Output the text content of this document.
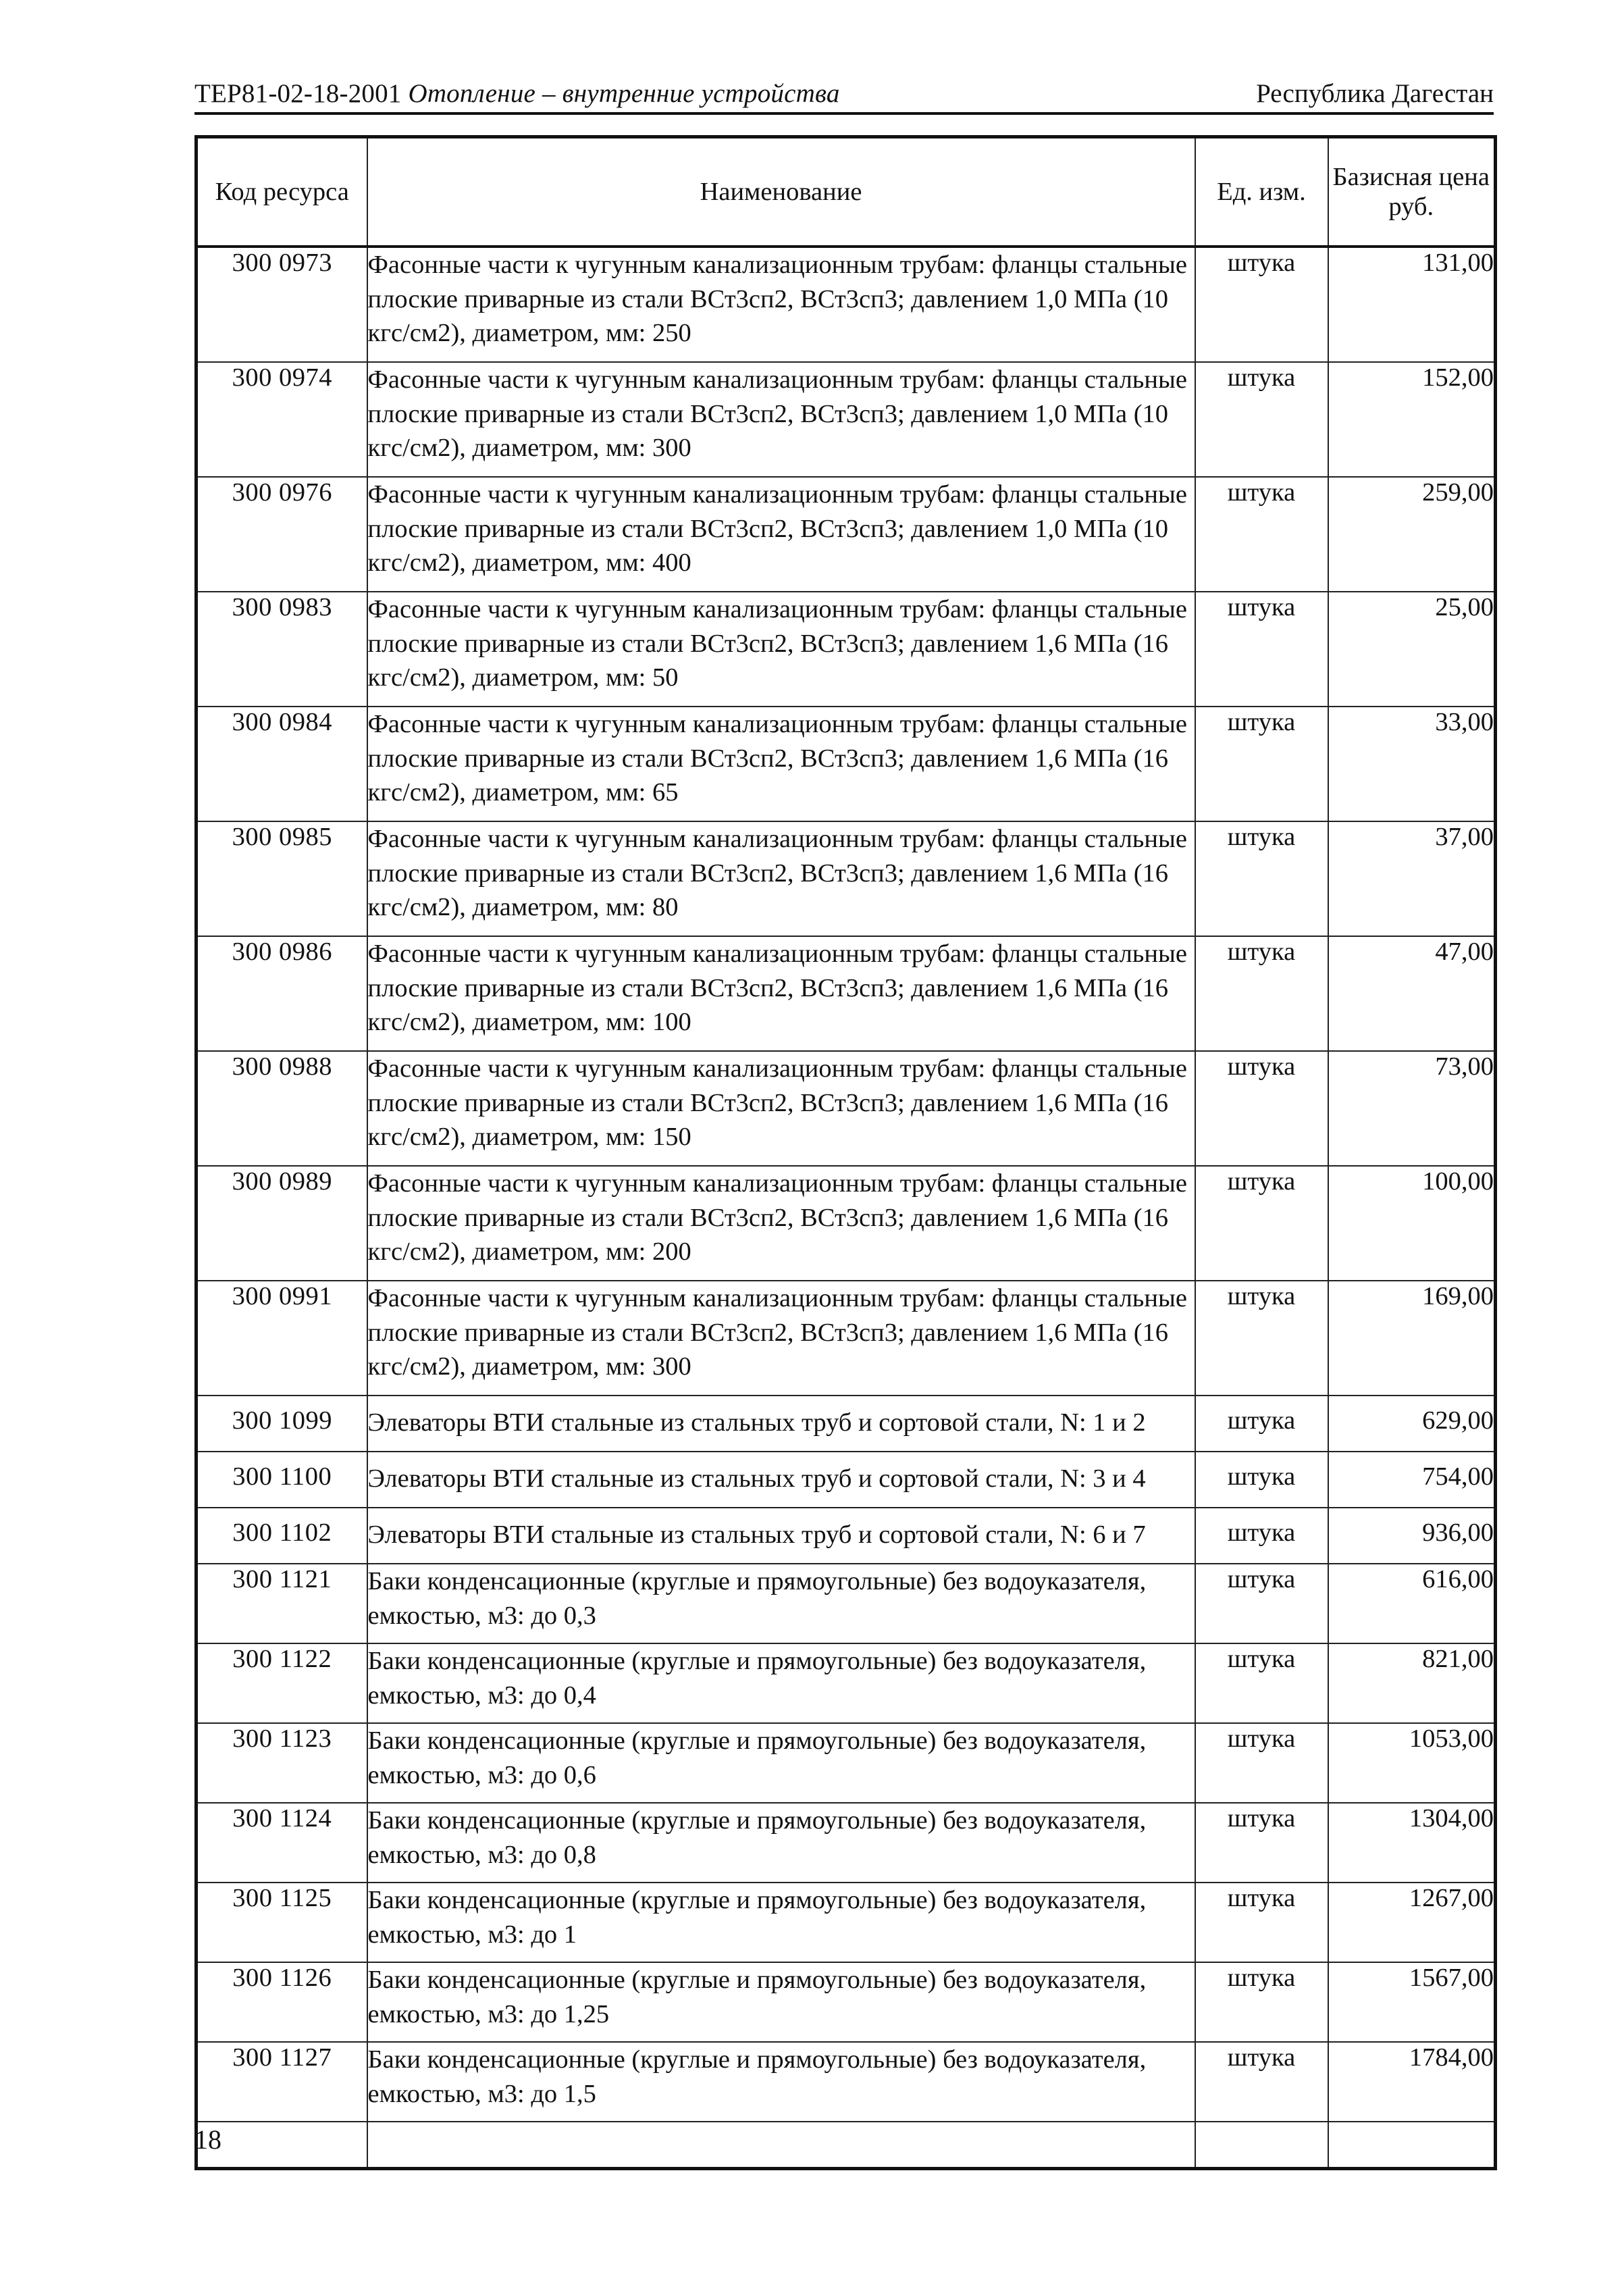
ТЕР81-02-18-2001 Отопление – внутренние устройства	Республика Дагестан
Код ресурса	Наименование	Ед. изм.	Базисная цена
руб.
300 0973	Фасонные части к чугунным канализационным трубам: фланцы стальные плоские приварные из стали ВСт3сп2, ВСт3сп3; давлением 1,0 МПа (10 кгс/см2), диаметром, мм: 250	штука	131,00
300 0974	Фасонные части к чугунным канализационным трубам: фланцы стальные плоские приварные из стали ВСт3сп2, ВСт3сп3; давлением 1,0 МПа (10 кгс/см2), диаметром, мм: 300	штука	152,00
300 0976	Фасонные части к чугунным канализационным трубам: фланцы стальные плоские приварные из стали ВСт3сп2, ВСт3сп3; давлением 1,0 МПа (10 кгс/см2), диаметром, мм: 400	штука	259,00
300 0983	Фасонные части к чугунным канализационным трубам: фланцы стальные плоские приварные из стали ВСт3сп2, ВСт3сп3; давлением 1,6 МПа (16 кгс/см2), диаметром, мм: 50	штука	25,00
300 0984	Фасонные части к чугунным канализационным трубам: фланцы стальные плоские приварные из стали ВСт3сп2, ВСт3сп3; давлением 1,6 МПа (16 кгс/см2), диаметром, мм: 65	штука	33,00
300 0985	Фасонные части к чугунным канализационным трубам: фланцы стальные плоские приварные из стали ВСт3сп2, ВСт3сп3; давлением 1,6 МПа (16 кгс/см2), диаметром, мм: 80	штука	37,00
300 0986	Фасонные части к чугунным канализационным трубам: фланцы стальные плоские приварные из стали ВСт3сп2, ВСт3сп3; давлением 1,6 МПа (16 кгс/см2), диаметром, мм: 100	штука	47,00
300 0988	Фасонные части к чугунным канализационным трубам: фланцы стальные плоские приварные из стали ВСт3сп2, ВСт3сп3; давлением 1,6 МПа (16 кгс/см2), диаметром, мм: 150	штука	73,00
300 0989	Фасонные части к чугунным канализационным трубам: фланцы стальные плоские приварные из стали ВСт3сп2, ВСт3сп3; давлением 1,6 МПа (16 кгс/см2), диаметром, мм: 200	штука	100,00
300 0991	Фасонные части к чугунным канализационным трубам: фланцы стальные плоские приварные из стали ВСт3сп2, ВСт3сп3; давлением 1,6 МПа (16 кгс/см2), диаметром, мм: 300	штука	169,00
300 1099	Элеваторы ВТИ стальные из стальных труб и сортовой стали, N: 1 и 2	штука	629,00
300 1100	Элеваторы ВТИ стальные из стальных труб и сортовой стали, N: 3 и 4	штука	754,00
300 1102	Элеваторы ВТИ стальные из стальных труб и сортовой стали, N: 6 и 7	штука	936,00
300 1121	Баки конденсационные (круглые и прямоугольные) без водоуказателя, емкостью, м3: до 0,3	штука	616,00
300 1122	Баки конденсационные (круглые и прямоугольные) без водоуказателя, емкостью, м3: до 0,4	штука	821,00
300 1123	Баки конденсационные (круглые и прямоугольные) без водоуказателя, емкостью, м3: до 0,6	штука	1053,00
300 1124	Баки конденсационные (круглые и прямоугольные) без водоуказателя, емкостью, м3: до 0,8	штука	1304,00
300 1125	Баки конденсационные (круглые и прямоугольные) без водоуказателя, емкостью, м3: до 1	штука	1267,00
300 1126	Баки конденсационные (круглые и прямоугольные) без водоуказателя, емкостью, м3: до 1,25	штука	1567,00
300 1127	Баки конденсационные (круглые и прямоугольные) без водоуказателя, емкостью, м3: до 1,5	штука	1784,00

18
